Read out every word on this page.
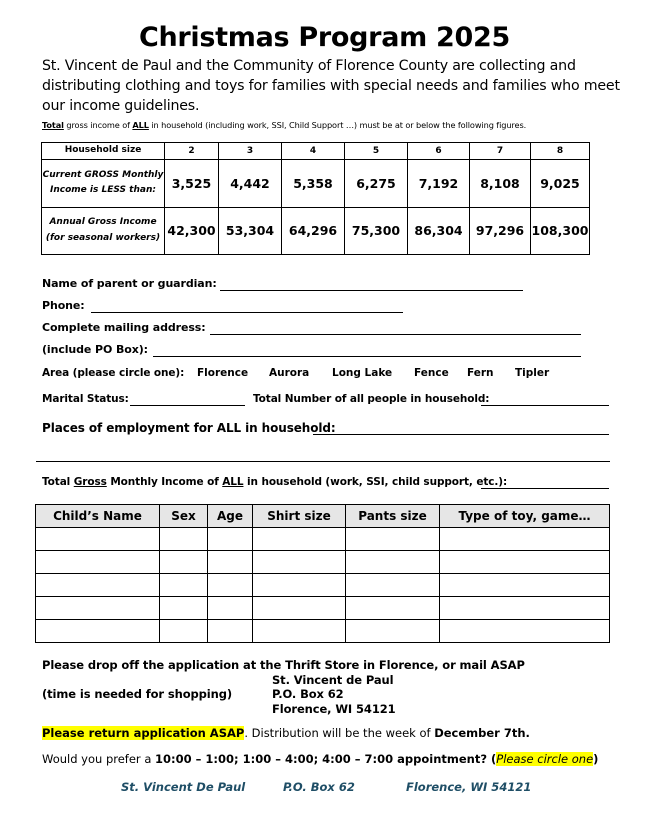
Christmas Program 2025
St. Vincent de Paul and the Community of Florence County are collecting and distributing clothing and toys for families with special needs and families who meet our income guidelines.
Total gross income of ALL in household (including work, SSI, Child Support …) must be at or below the following figures.
Household size	2	3	4	5	6	7	8
Current GROSS Monthly Income is LESS than:	3,525	4,442	5,358	6,275	7,192	8,108	9,025
Annual Gross Income (for seasonal workers)	42,300	53,304	64,296	75,300	86,304	97,296	108,300
Name of parent or guardian:
Phone:
Complete mailing address:
(include PO Box):
Area (please circle one): Florence Aurora Long Lake Fence Fern Tipler
Marital Status:	Total Number of all people in household:
Places of employment for ALL in household:
Total Gross Monthly Income of ALL in household (work, SSI, child support, etc.):
Child’s Name	Sex	Age	Shirt size	Pants size	Type of toy, game…

Please drop off the application at the Thrift Store in Florence, or mail ASAP
St. Vincent de Paul
(time is needed for shopping)	P.O. Box 62
Florence, WI 54121
Please return application ASAP. Distribution will be the week of December 7th.
Would you prefer a 10:00 – 1:00; 1:00 – 4:00; 4:00 – 7:00 appointment? (Please circle one)
St. Vincent De Paul	P.O. Box 62	Florence, WI 54121
